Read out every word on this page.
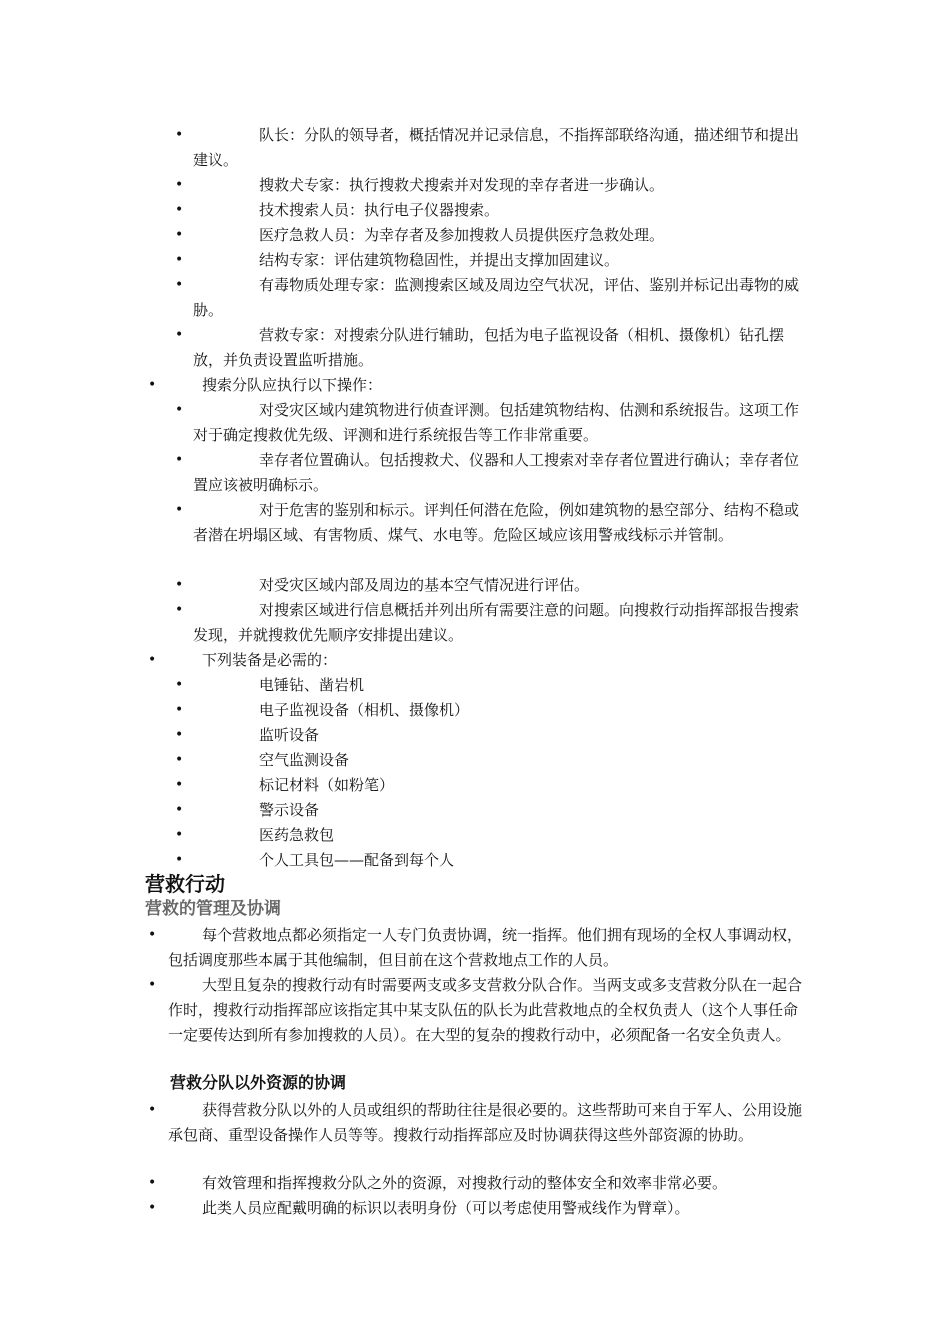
•	队长：分队的领导者，概括情况并记录信息，不指挥部联络沟通，描述细节和提出建议。
•	搜救犬专家：执行搜救犬搜索并对发现的幸存者进一步确认。
•	技术搜索人员：执行电子仪器搜索。
•	医疗急救人员：为幸存者及参加搜救人员提供医疗急救处理。
•	结构专家：评估建筑物稳固性，并提出支撑加固建议。
•	有毒物质处理专家：监测搜索区域及周边空气状况，评估、鉴别并标记出毒物的威胁。
•	营救专家：对搜索分队进行辅助，包括为电子监视设备（相机、摄像机）钻孔摆放，并负责设置监听措施。
•	搜索分队应执行以下操作：
•	对受灾区域内建筑物进行侦查评测。包括建筑物结构、估测和系统报告。这项工作对于确定搜救优先级、评测和进行系统报告等工作非常重要。
•	幸存者位置确认。包括搜救犬、仪器和人工搜索对幸存者位置进行确认；幸存者位置应该被明确标示。
•	对于危害的鉴别和标示。评判任何潜在危险，例如建筑物的悬空部分、结构不稳或者潜在坍塌区域、有害物质、煤气、水电等。危险区域应该用警戒线标示并管制。
•	对受灾区域内部及周边的基本空气情况进行评估。
•	对搜索区域进行信息概括并列出所有需要注意的问题。向搜救行动指挥部报告搜索发现，并就搜救优先顺序安排提出建议。
•	下列装备是必需的：
•	电锤钻、凿岩机
•	电子监视设备（相机、摄像机）
•	监听设备
•	空气监测设备
•	标记材料（如粉笔）
•	警示设备
•	医药急救包
•	个人工具包——配备到每个人
营救行动
营救的管理及协调
•	每个营救地点都必须指定一人专门负责协调，统一指挥。他们拥有现场的全权人事调动权，包括调度那些本属于其他编制，但目前在这个营救地点工作的人员。
•	大型且复杂的搜救行动有时需要两支或多支营救分队合作。当两支或多支营救分队在一起合作时，搜救行动指挥部应该指定其中某支队伍的队长为此营救地点的全权负责人（这个人事任命一定要传达到所有参加搜救的人员）。在大型的复杂的搜救行动中，必须配备一名安全负责人。
营救分队以外资源的协调
•	获得营救分队以外的人员或组织的帮助往往是很必要的。这些帮助可来自于军人、公用设施承包商、重型设备操作人员等等。搜救行动指挥部应及时协调获得这些外部资源的协助。
•	有效管理和指挥搜救分队之外的资源，对搜救行动的整体安全和效率非常必要。
•	此类人员应配戴明确的标识以表明身份（可以考虑使用警戒线作为臂章）。
